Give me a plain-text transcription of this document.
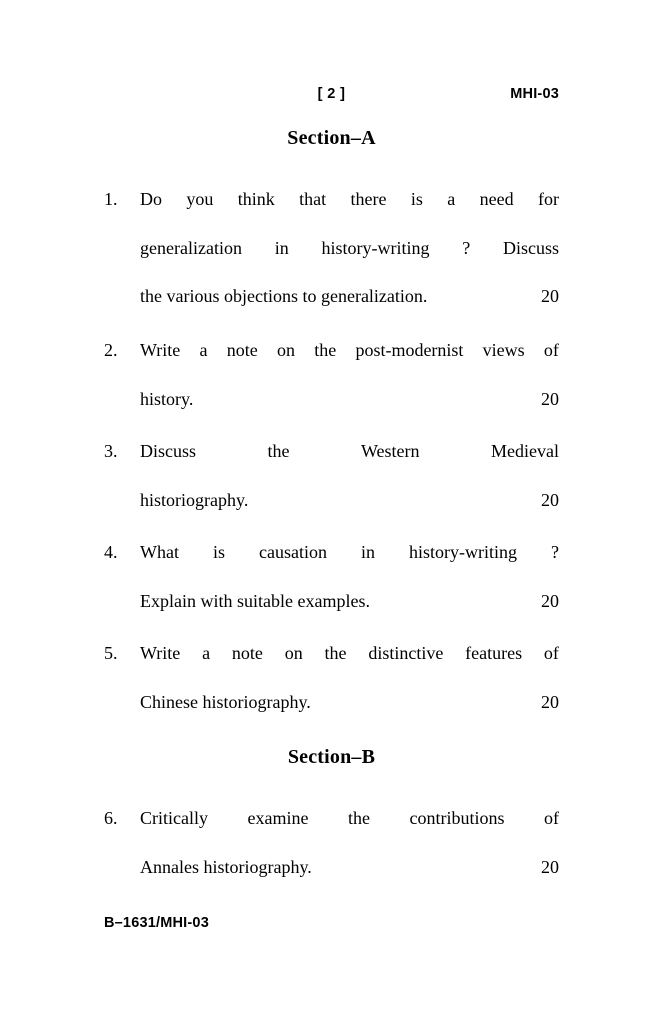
[ 2 ]	MHI-03
Section–A
Section–B
1.	Do you think that there is a need for
generalization in history-writing ? Discuss
the various objections to generalization.	20
2.	Write a note on the post-modernist views of
history.	20
3.	Discuss	the	Western	Medieval
historiography.	20
4.	What is causation in history-writing ?
Explain with suitable examples.	20
5.	Write a note on the distinctive features of
Chinese historiography.	20
6.	Critically examine the contributions of
Annales historiography.	20
B–1631/MHI-03
